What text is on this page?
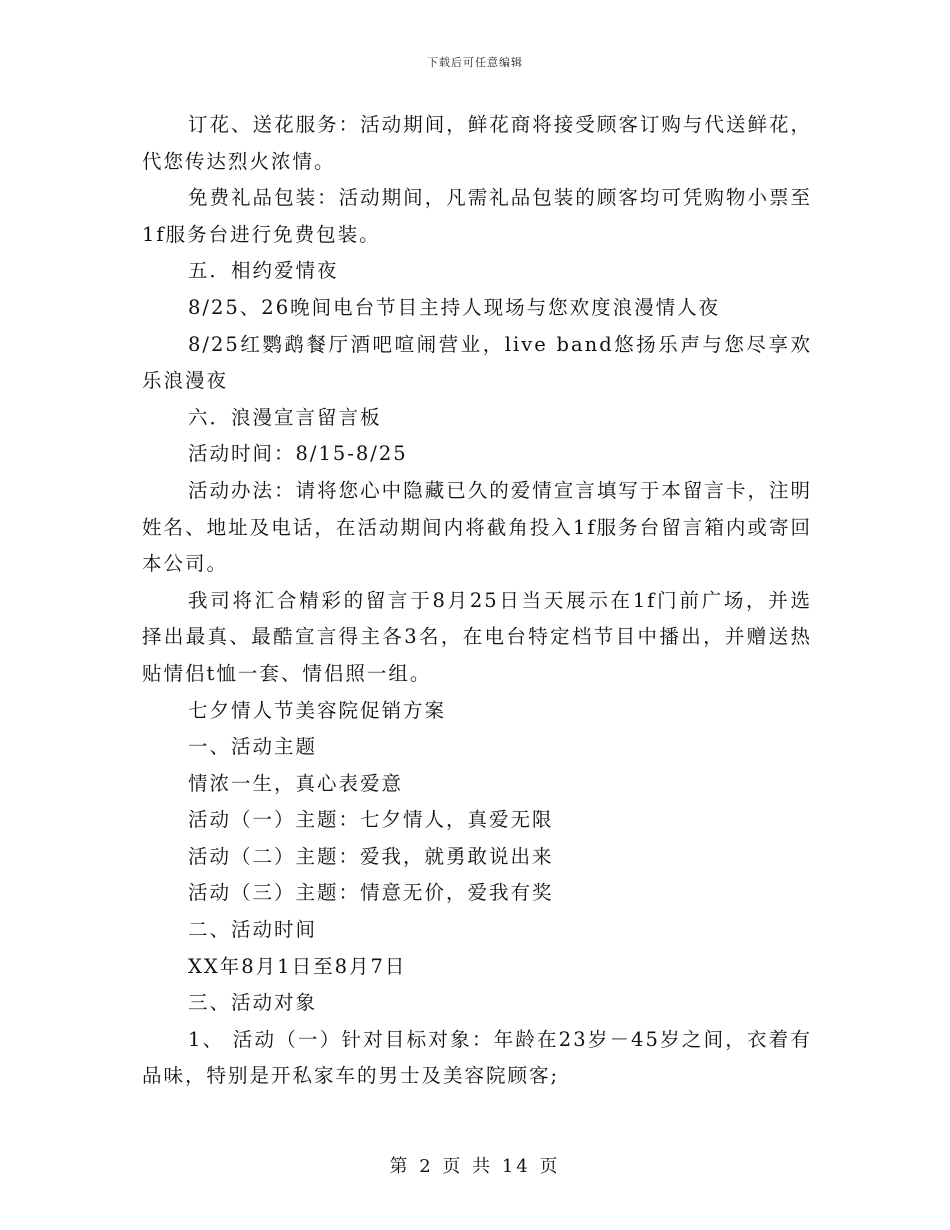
下载后可任意编辑

订花、送花服务：活动期间，鲜花商将接受顾客订购与代送鲜花，代您传达烈火浓情。

免费礼品包装：活动期间，凡需礼品包装的顾客均可凭购物小票至1f服务台进行免费包装。

五．相约爱情夜

8/25、26晚间电台节目主持人现场与您欢度浪漫情人夜

8/25红鹦鹉餐厅酒吧喧闹营业，live band悠扬乐声与您尽享欢乐浪漫夜

六．浪漫宣言留言板

活动时间：8/15-8/25

活动办法：请将您心中隐藏已久的爱情宣言填写于本留言卡，注明姓名、地址及电话，在活动期间内将截角投入1f服务台留言箱内或寄回本公司。

我司将汇合精彩的留言于8月25日当天展示在1f门前广场，并选择出最真、最酷宣言得主各3名，在电台特定档节目中播出，并赠送热贴情侣t恤一套、情侣照一组。

七夕情人节美容院促销方案

一、活动主题

情浓一生，真心表爱意

活动（一）主题：七夕情人，真爱无限

活动（二）主题：爱我，就勇敢说出来

活动（三）主题：情意无价，爱我有奖

二、活动时间

XX年8月1日至8月7日

三、活动对象

1、 活动（一）针对目标对象：年龄在23岁－45岁之间，衣着有品味，特别是开私家车的男士及美容院顾客;

第 2 页 共 14 页
